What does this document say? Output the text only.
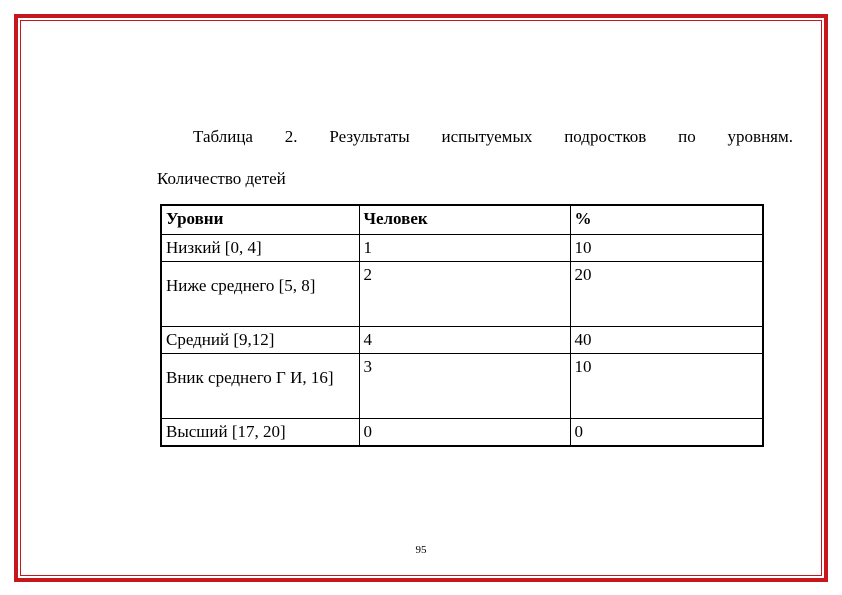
Таблица 2. Результаты испытуемых подростков по уровням.
Количество детей
Уровни	Человек	%
Низкий [0, 4]	1	10
Ниже среднего [5, 8]	2	20
Средний [9,12]	4	40
Вник среднего Г И, 16]	3	10
Высший [17, 20]	0	0
95
